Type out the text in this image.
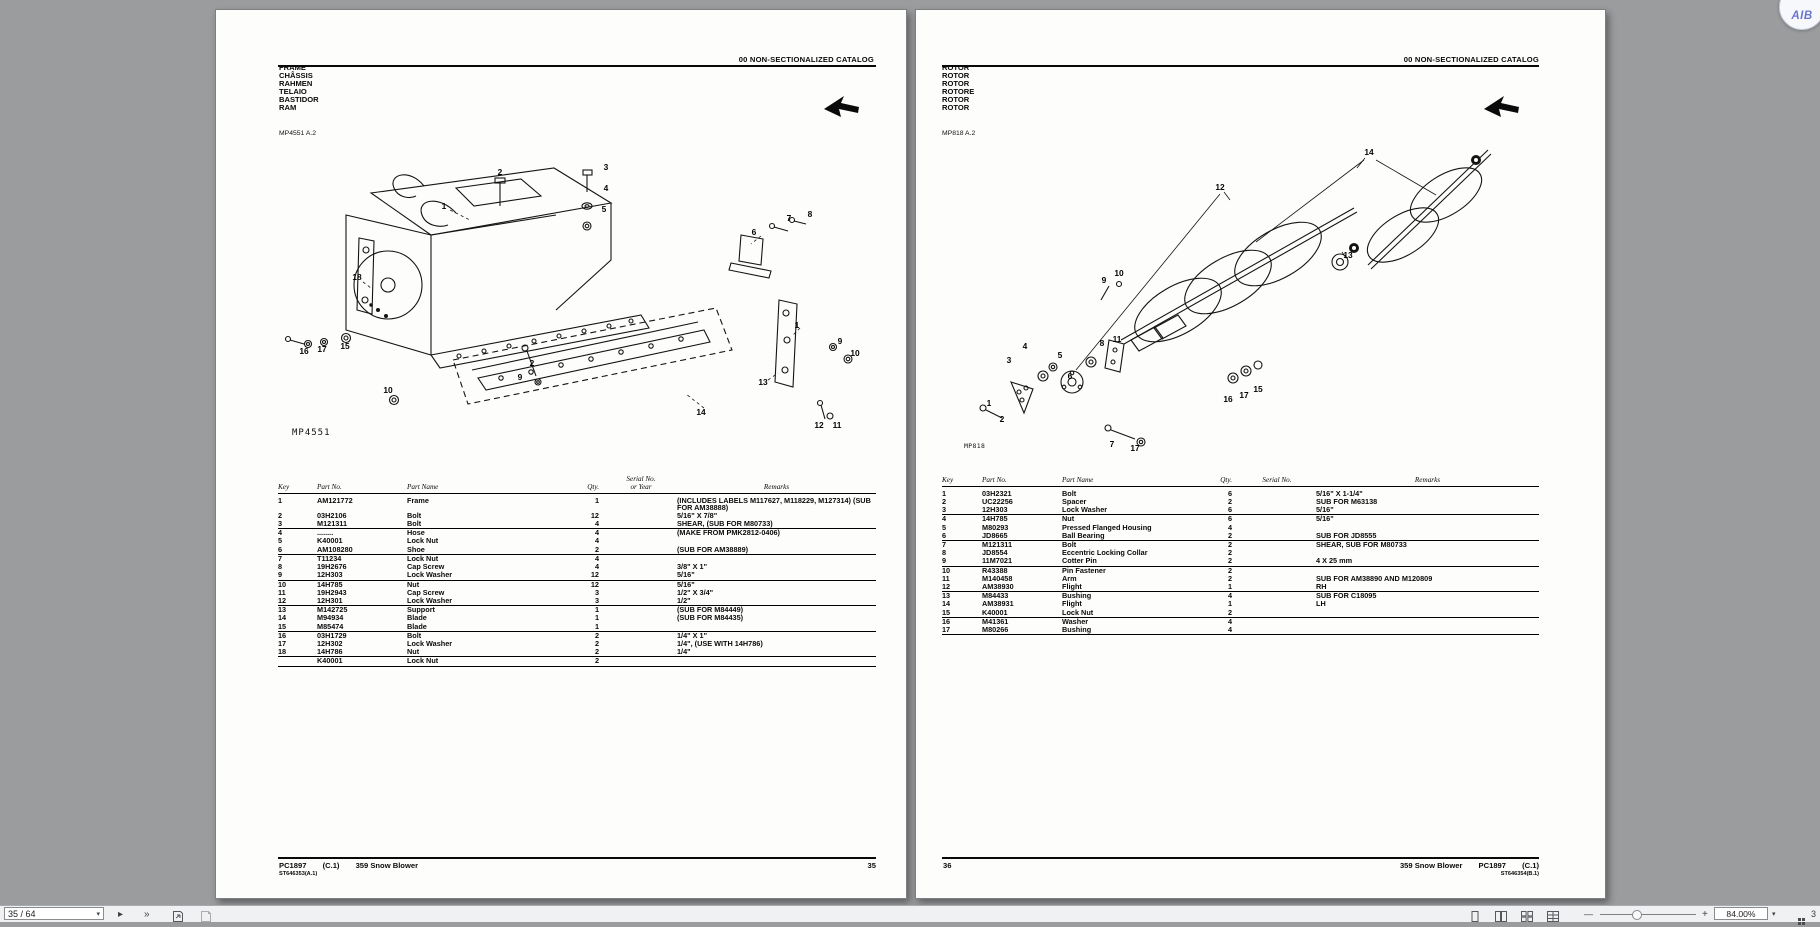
00 NON-SECTIONALIZED CATALOG
FRAME
CHÂSSIS
RAHMEN
TELAIO
BASTIDOR
RAM
MP4551 A.2
1
2	3
4
5
6
7 8
18
16 17 15
10
9
2
13
1
9
10
14
12 11
MP4551
Key	Part No.	Part Name	Qty.
Serial No.
or Year	Remarks
1	AM121772	Frame	1	(INCLUDES LABELS M117627, M118229, M127314) (SUB FOR AM38888)
2	03H2106	Bolt	12	5/16" X 7/8"
3	M121311	Bolt	4	SHEAR, (SUB FOR M80733)
4	........	Hose	4	(MAKE FROM PMK2812-0406)
5	K40001	Lock Nut	4
6	AM108280	Shoe	2	(SUB FOR AM38889)
7	T11234	Lock Nut	4
8	19H2676	Cap Screw	4	3/8" X 1"
9	12H303	Lock Washer	12	5/16"
10	14H785	Nut	12	5/16"
11	19H2943	Cap Screw	3	1/2" X 3/4"
12	12H301	Lock Washer	3	1/2"
13	M142725	Support	1	(SUB FOR M84449)
14	M94934	Blade	1	(SUB FOR M84435)
15	M85474	Blade	1
16	03H1729	Bolt	2	1/4" X 1"
17	12H302	Lock Washer	2	1/4", (USE WITH 14H786)
18	14H786	Nut	2	1/4"
K40001	Lock Nut	2
PC1897 (C.1) 359 Snow Blower	35
ST646353(A.1)
00 NON-SECTIONALIZED CATALOG
ROTOR
ROTOR
ROTOR
ROTORE
ROTOR
ROTOR
MP818 A.2
14
12
13
9
10
3
4
5
6
8 11
1
2
16 17
15
7 17
MP818
Key	Part No.	Part Name	Qty.	Serial No.	Remarks
1	03H2321	Bolt	6	5/16" X 1-1/4"
2	UC22256	Spacer	2	SUB FOR M63138
3	12H303	Lock Washer	6	5/16"
4	14H785	Nut	6	5/16"
5	M80293	Pressed Flanged Housing	4
6	JD8665	Ball Bearing	2	SUB FOR JD8555
7	M121311	Bolt	2	SHEAR, SUB FOR M80733
8	JD8554	Eccentric Locking Collar	2
9	11M7021	Cotter Pin	2	4 X 25 mm
10	R43388	Pin Fastener	2
11	M140458	Arm	2	SUB FOR AM38890 AND M120809
12	AM38930	Flight	1	RH
13	M84433	Bushing	4	SUB FOR C18095
14	AM38931	Flight	1	LH
15	K40001	Lock Nut	2
16	M41361	Washer	4
17	M80266	Bushing	4
36	359 Snow Blower PC1897 (C.1)
ST646354(B.1)
35 / 64	▾ ▸ »	—	+ 84.00% ▾	3
AIB
